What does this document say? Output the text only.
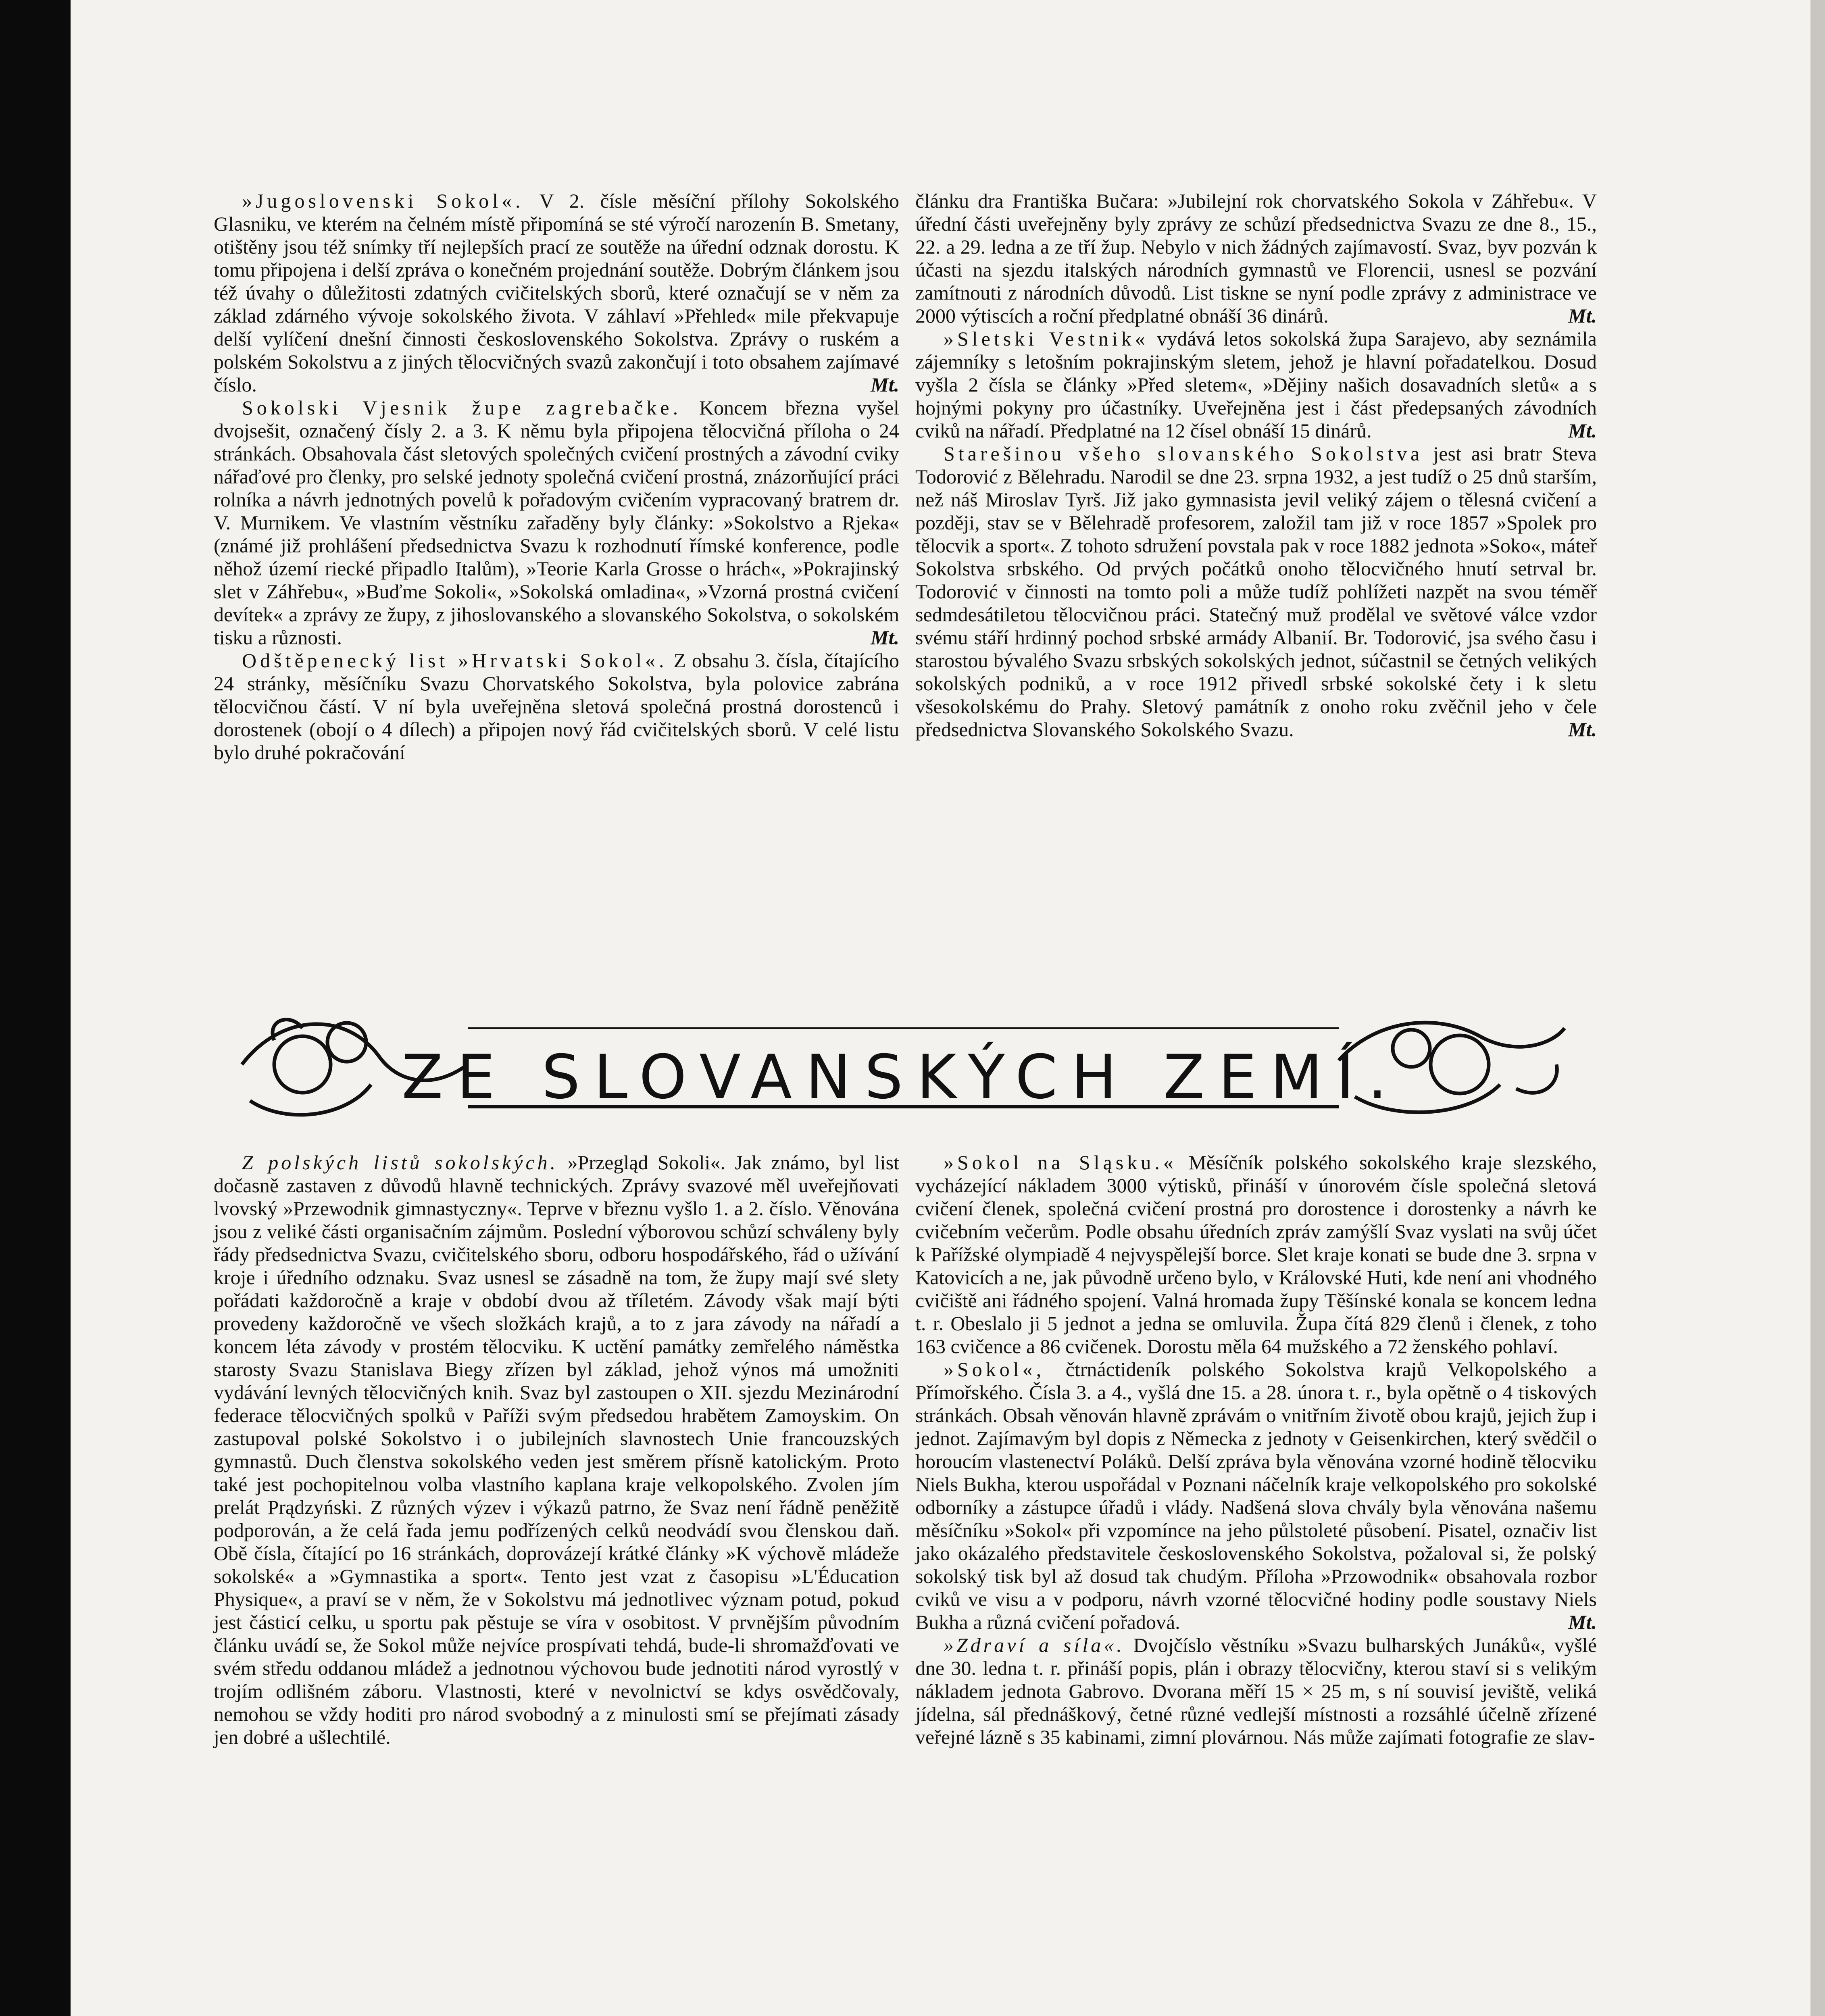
»Jugoslovenski Sokol«. V 2. čísle měsíční přílohy Sokolského Glasniku, ve kterém na čelném místě připomíná se sté výročí narozenín B. Smetany, otištěny jsou též snímky tří nejlepších prací ze soutěže na úřední odznak dorostu. K tomu připojena i delší zpráva o konečném projednání soutěže. Dobrým článkem jsou též úvahy o důležitosti zdatných cvičitelských sborů, které označují se v něm za základ zdárného vývoje sokolského života. V záhlaví »Přehled« mile překvapuje delší vylíčení dnešní činnosti československého Sokolstva. Zprávy o ruském a polském Sokolstvu a z jiných tělocvičných svazů zakončují i toto obsahem zajímavé číslo.	Mt.

Sokolski Vjesnik župe zagrebačke. Koncem března vyšel dvojsešit, označený čísly 2. a 3. K němu byla připojena tělocvičná příloha o 24 stránkách. Obsahovala část sletových společných cvičení prostných a závodní cviky nářaďové pro členky, pro selské jednoty společná cvičení prostná, znázorňující práci rolníka a návrh jednotných povelů k pořadovým cvičením vypracovaný bratrem dr. V. Murnikem. Ve vlastním věstníku zařaděny byly články: »Sokolstvo a Rjeka« (známé již prohlášení předsednictva Svazu k rozhodnutí římské konference, podle něhož území riecké připadlo Italům), »Teorie Karla Grosse o hrách«, »Pokrajinský slet v Záhřebu«, »Buďme Sokoli«, »Sokolská omladina«, »Vzorná prostná cvičení devítek« a zprávy ze župy, z jihoslovanského a slovanského Sokolstva, o sokolském tisku a různosti.	Mt.

Odštěpenecký list »Hrvatski Sokol«. Z obsahu 3. čísla, čítajícího 24 stránky, měsíčníku Svazu Chorvatského Sokolstva, byla polovice zabrána tělocvičnou částí. V ní byla uveřejněna sletová společná prostná dorostenců i dorostenek (obojí o 4 dílech) a připojen nový řád cvičitelských sborů. V celé listu bylo druhé pokračování

článku dra Františka Bučara: »Jubilejní rok chorvatského Sokola v Záhřebu«. V úřední části uveřejněny byly zprávy ze schůzí předsednictva Svazu ze dne 8., 15., 22. a 29. ledna a ze tří žup. Nebylo v nich žádných zajímavostí. Svaz, byv pozván k účasti na sjezdu italských národních gymnastů ve Florencii, usnesl se pozvání zamítnouti z národních důvodů. List tiskne se nyní podle zprávy z administrace ve 2000 výtiscích a roční předplatné obnáší 36 dinárů.	Mt.

»Sletski Vestnik« vydává letos sokolská župa Sarajevo, aby seznámila zájemníky s letošním pokrajinským sletem, jehož je hlavní pořadatelkou. Dosud vyšla 2 čísla se články »Před sletem«, »Dějiny našich dosavadních sletů« a s hojnými pokyny pro účastníky. Uveřejněna jest i část předepsaných závodních cviků na nářadí. Předplatné na 12 čísel obnáší 15 dinárů.	Mt.

Starešinou všeho slovanského Sokolstva jest asi bratr Steva Todorović z Bělehradu. Narodil se dne 23. srpna 1932, a jest tudíž o 25 dnů starším, než náš Miroslav Tyrš. Již jako gymnasista jevil veliký zájem o tělesná cvičení a později, stav se v Bělehradě profesorem, založil tam již v roce 1857 »Spolek pro tělocvik a sport«. Z tohoto sdružení povstala pak v roce 1882 jednota »Soko«, máteř Sokolstva srbského. Od prvých počátků onoho tělocvičného hnutí setrval br. Todorović v činnosti na tomto poli a může tudíž pohlížeti nazpět na svou téměř sedmdesátiletou tělocvičnou práci. Statečný muž prodělal ve světové válce vzdor svému stáří hrdinný pochod srbské armády Albanií. Br. Todorović, jsa svého času i starostou bývalého Svazu srbských sokolských jednot, súčastnil se četných velikých sokolských podniků, a v roce 1912 přivedl srbské sokolské čety i k sletu všesokolskému do Prahy. Sletový památník z onoho roku zvěčnil jeho v čele předsednictva Slovanského Sokolského Svazu.	Mt.

ZE SLOVANSKÝCH ZEMÍ.

Z polských listů sokolských. »Przegląd Sokoli«. Jak známo, byl list dočasně zastaven z důvodů hlavně technických. Zprávy svazové měl uveřejňovati lvovský »Przewodnik gimnastyczny«. Teprve v březnu vyšlo 1. a 2. číslo. Věnována jsou z veliké části organisačním zájmům. Poslední výborovou schůzí schváleny byly řády předsednictva Svazu, cvičitelského sboru, odboru hospodářského, řád o užívání kroje i úředního odznaku. Svaz usnesl se zásadně na tom, že župy mají své slety pořádati každoročně a kraje v období dvou až tříletém. Závody však mají býti provedeny každoročně ve všech složkách krajů, a to z jara závody na nářadí a koncem léta závody v prostém tělocviku. K uctění památky zemřelého náměstka starosty Svazu Stanislava Biegy zřízen byl základ, jehož výnos má umožniti vydávání levných tělocvičných knih. Svaz byl zastoupen o XII. sjezdu Mezinárodní federace tělocvičných spolků v Paříži svým předsedou hrabětem Zamoyskim. On zastupoval polské Sokolstvo i o jubilejních slavnostech Unie francouzských gymnastů. Duch členstva sokolského veden jest směrem přísně katolickým. Proto také jest pochopitelnou volba vlastního kaplana kraje velkopolského. Zvolen jím prelát Prądzyński. Z různých výzev i výkazů patrno, že Svaz není řádně peněžitě podporován, a že celá řada jemu podřízených celků neodvádí svou členskou daň. Obě čísla, čítající po 16 stránkách, doprovázejí krátké články »K výchově mládeže sokolské« a »Gymnastika a sport«. Tento jest vzat z časopisu »L'Éducation Physique«, a praví se v něm, že v Sokolstvu má jednotlivec význam potud, pokud jest částicí celku, u sportu pak pěstuje se víra v osobitost. V prvnějším původním článku uvádí se, že Sokol může nejvíce prospívati tehdá, bude-li shromažďovati ve svém středu oddanou mládež a jednotnou výchovou bude jednotiti národ vyrostlý v trojím odlišném záboru. Vlastnosti, které v nevolnictví se kdys osvědčovaly, nemohou se vždy hoditi pro národ svobodný a z minulosti smí se přejímati zásady jen dobré a ušlechtilé.

»Sokol na Sląsku.« Měsíčník polského sokolského kraje slezského, vycházející nákladem 3000 výtisků, přináší v únorovém čísle společná sletová cvičení členek, společná cvičení prostná pro dorostence i dorostenky a návrh ke cvičebním večerům. Podle obsahu úředních zpráv zamýšlí Svaz vyslati na svůj účet k Pařížské olympiadě 4 nejvyspělejší borce. Slet kraje konati se bude dne 3. srpna v Katovicích a ne, jak původně určeno bylo, v Královské Huti, kde není ani vhodného cvičiště ani řádného spojení. Valná hromada župy Těšínské konala se koncem ledna t. r. Obeslalo ji 5 jednot a jedna se omluvila. Župa čítá 829 členů i členek, z toho 163 cvičence a 86 cvičenek. Dorostu měla 64 mužského a 72 ženského pohlaví.

»Sokol«, čtrnáctideník polského Sokolstva krajů Velkopolského a Přímořského. Čísla 3. a 4., vyšlá dne 15. a 28. února t. r., byla opětně o 4 tiskových stránkách. Obsah věnován hlavně zprávám o vnitřním životě obou krajů, jejich žup i jednot. Zajímavým byl dopis z Německa z jednoty v Geisenkirchen, který svědčil o horoucím vlastenectví Poláků. Delší zpráva byla věnována vzorné hodině tělocviku Niels Bukha, kterou uspořádal v Poznani náčelník kraje velkopolského pro sokolské odborníky a zástupce úřadů i vlády. Nadšená slova chvály byla věnována našemu měsíčníku »Sokol« při vzpomínce na jeho půlstoleté působení. Pisatel, označiv list jako okázalého představitele československého Sokolstva, požaloval si, že polský sokolský tisk byl až dosud tak chudým. Příloha »Przowodnik« obsahovala rozbor cviků ve visu a v podporu, návrh vzorné tělocvičné hodiny podle soustavy Niels Bukha a různá cvičení pořadová.	Mt.

»Zdraví a síla«. Dvojčíslo věstníku »Svazu bulharských Junáků«, vyšlé dne 30. ledna t. r. přináší popis, plán i obrazy tělocvičny, kterou staví si s velikým nákladem jednota Gabrovo. Dvorana měří 15 × 25 m, s ní souvisí jeviště, veliká jídelna, sál přednáškový, četné různé vedlejší místnosti a rozsáhlé účelně zřízené veřejné lázně s 35 kabinami, zimní plovárnou. Nás může zajímati fotografie ze slav-
